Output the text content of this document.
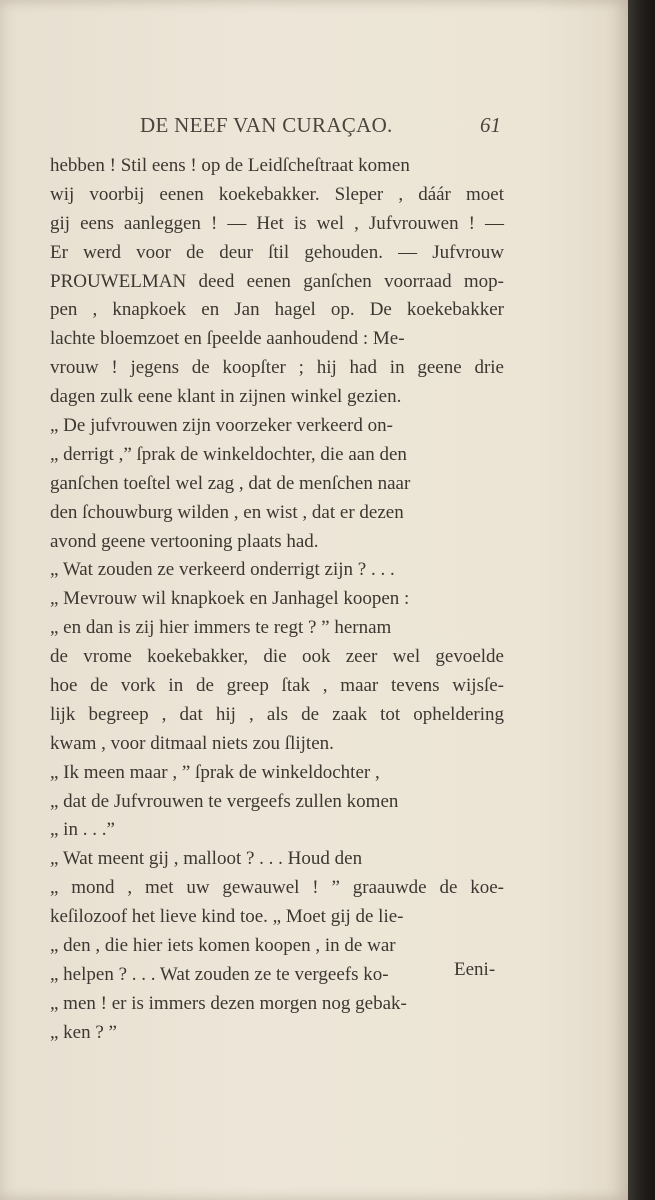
DE NEEF VAN CURAÇAO.	61
hebben ! Stil eens ! op de Leidſcheſtraat komen
wij voorbij eenen koekebakker. Sleper , dáár moet
gij eens aanleggen ! — Het is wel , Jufvrouwen ! —
Er werd voor de deur ſtil gehouden. — Jufvrouw
PROUWELMAN deed eenen ganſchen voorraad mop-
pen , knapkoek en Jan hagel op. De koekebakker
lachte bloemzoet en ſpeelde aanhoudend : Me-
vrouw ! jegens de koopſter ; hij had in geene drie
dagen zulk eene klant in zijnen winkel gezien.
„ De jufvrouwen zijn voorzeker verkeerd on-
„ derrigt ,” ſprak de winkeldochter, die aan den
ganſchen toeſtel wel zag , dat de menſchen naar
den ſchouwburg wilden , en wist , dat er dezen
avond geene vertooning plaats had.
„ Wat zouden ze verkeerd onderrigt zijn ? . . .
„ Mevrouw wil knapkoek en Janhagel koopen :
„ en dan is zij hier immers te regt ? ” hernam
de vrome koekebakker, die ook zeer wel gevoelde
hoe de vork in de greep ſtak , maar tevens wijsſe-
lijk begreep , dat hij , als de zaak tot opheldering
kwam , voor ditmaal niets zou ſlijten.
„ Ik meen maar , ” ſprak de winkeldochter ,
„ dat de Jufvrouwen te vergeefs zullen komen
„ in . . .”
„ Wat meent gij , malloot ? . . . Houd den
„ mond , met uw gewauwel ! ” graauwde de koe-
keſilozoof het lieve kind toe. „ Moet gij de lie-
„ den , die hier iets komen koopen , in de war
„ helpen ? . . . Wat zouden ze te vergeefs ko-
„ men ! er is immers dezen morgen nog gebak-
„ ken ? ”
Eeni-
